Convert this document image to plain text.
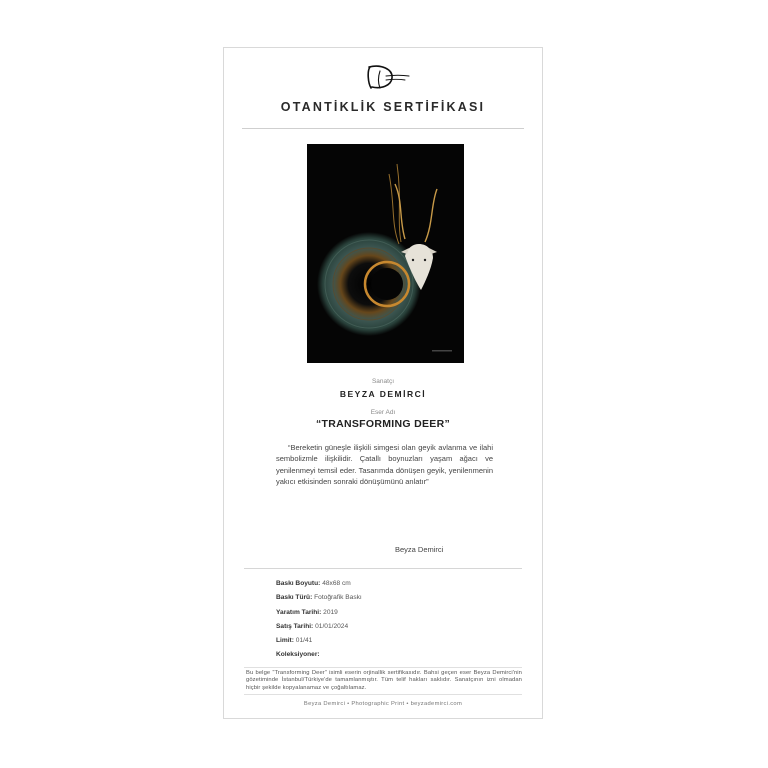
OTANTİKLİK SERTİFİKASI
Sanatçı
BEYZA DEMİRCİ
Eser Adı
“TRANSFORMING DEER”
“Bereketin güneşle ilişkili simgesi olan geyik avlanma ve ilahi sembolizmle ilişkilidir. Çatallı boynuzları yaşam ağacı ve yenilenmeyi temsil eder. Tasarımda dönüşen geyik, yenilenmenin yakıcı etkisinden sonraki dönüşümünü anlatır”
Beyza Demirci
Baskı Boyutu: 48x68 cm
Baskı Türü: Fotoğrafik Baskı
Yaratım Tarihi: 2019
Satış Tarihi: 01/01/2024
Limit: 01/41
Koleksiyoner:
Bu belge “Transforming Deer” isimli eserin orjinallik sertifikasıdır. Bahsi geçen eser Beyza Demirci'nin gözetiminde İstanbul/Türkiye'de tamamlanmıştır. Tüm telif hakları saklıdır. Sanatçının izni olmadan hiçbir şekilde kopyalanamaz ve çoğaltılamaz.
Beyza Demirci • Photographic Print • beyzademirci.com
